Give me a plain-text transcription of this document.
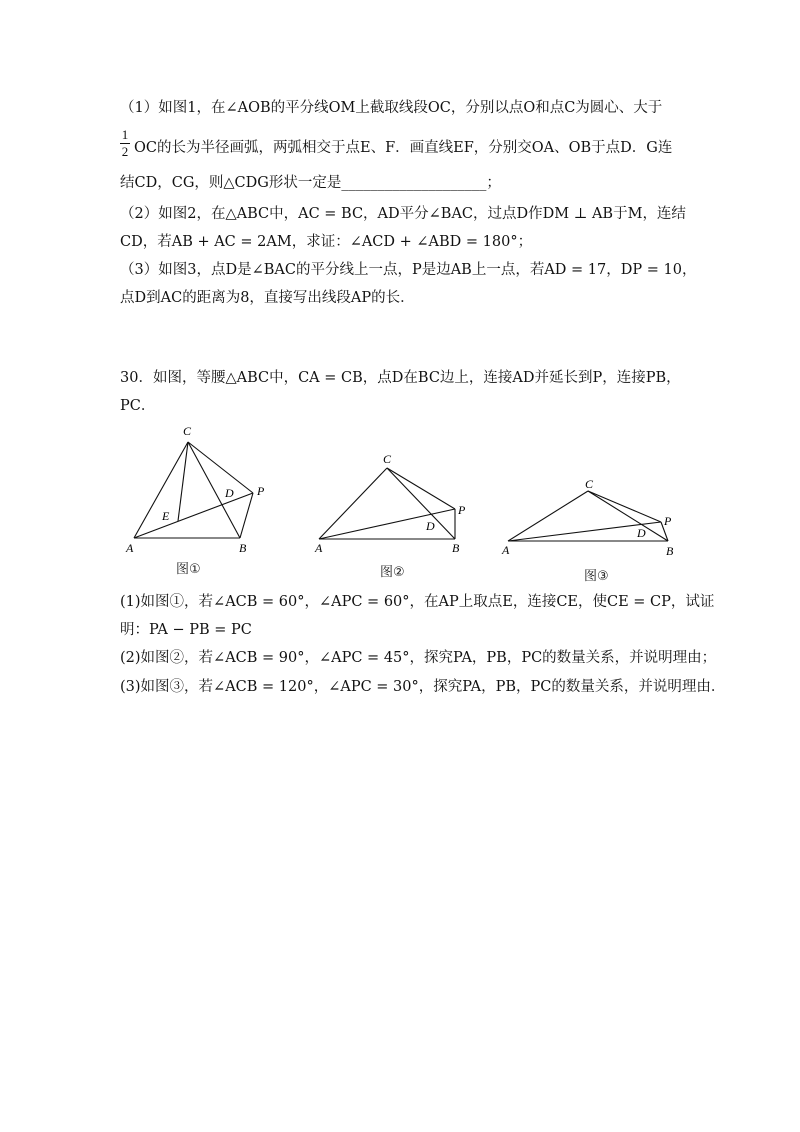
（1）如图1，在∠AOB的平分线OM上截取线段OC，分别以点O和点C为圆心、大于
1
2 OC的长为半径画弧，两弧相交于点E、F．画直线EF，分别交OA、OB于点D．G连
结CD，CG，则△CDG形状一定是____________________；
（2）如图2，在△ABC中，AC = BC，AD平分∠BAC，过点D作DM ⊥ AB于M，连结
CD，若AB + AC = 2AM，求证：∠ACD + ∠ABD = 180°；
（3）如图3，点D是∠BAC的平分线上一点，P是边AB上一点，若AD = 17，DP = 10，
点D到AC的距离为8，直接写出线段AP的长．
30．如图，等腰△ABC中，CA = CB，点D在BC边上，连接AD并延长到P，连接PB，
PC．
C
A	B
D
E
P
图①
C
A	B
D
P
图②
C
A	B
D
P
图③
(1)如图①，若∠ACB = 60°，∠APC = 60°，在AP上取点E，连接CE，使CE = CP，试证
明：PA − PB = PC
(2)如图②，若∠ACB = 90°，∠APC = 45°，探究PA，PB，PC的数量关系，并说明理由；
(3)如图③，若∠ACB = 120°，∠APC = 30°，探究PA，PB，PC的数量关系，并说明理由．
